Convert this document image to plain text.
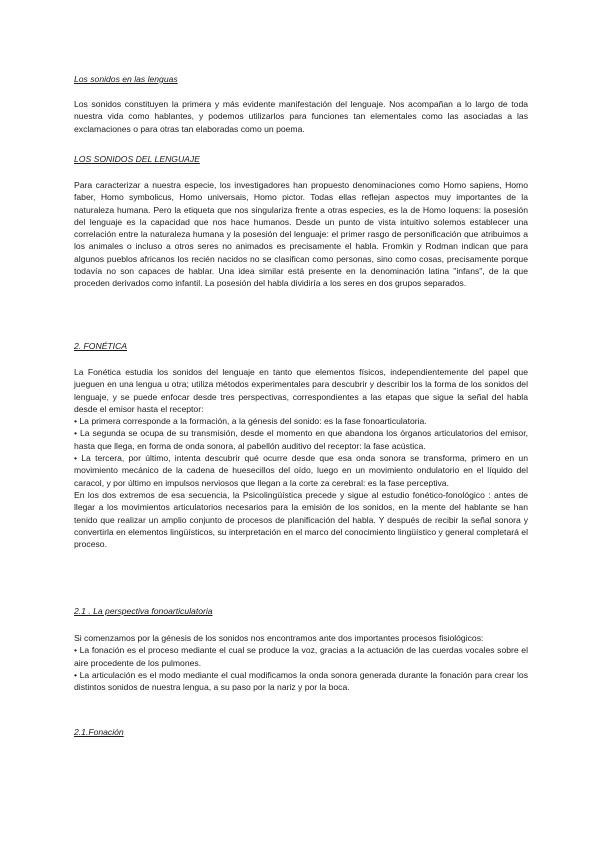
Los sonidos en las lenguas

Los sonidos constituyen la primera y más evidente manifestación del lenguaje. Nos acompañan a lo largo de toda nuestra vida como hablantes, y podemos utilizarlos para funciones tan elementales como las asociadas a las exclamaciones o para otras tan elaboradas como un poema.

LOS SONIDOS DEL LENGUAJE

Para caracterizar a nuestra especie, los investigadores han propuesto denominaciones como Homo sapiens, Homo faber, Homo symbolicus, Homo universais, Homo pictor. Todas ellas reflejan aspectos muy importantes de la naturaleza humana. Pero la etiqueta que nos singulariza frente a otras especies, es la de Homo loquens: la posesión del lenguaje es la capacidad que nos hace humanos. Desde un punto de vista intuitivo solemos establecer una correlación entre la naturaleza humana y la posesión del lenguaje: el primer rasgo de personificación que atribuimos a los animales o incluso a otros seres no animados es precisamente el habla. Fromkin y Rodman indican que para algunos pueblos africanos los recién nacidos no se clasifican como personas, sino como cosas, precisamente porque todavía no son capaces de hablar. Una idea similar está presente en la denominación latina "infans", de la que proceden derivados como infantil. La posesión del habla dividiría a los seres en dos grupos separados.

2. FONÉTICA

La Fonética estudia los sonidos del lenguaje en tanto que elementos físicos, independientemente del papel que jueguen en una lengua u otra; utiliza métodos experimentales para descubrir y describir los la forma de los sonidos del lenguaje, y se puede enfocar desde tres perspectivas, correspondientes a las etapas que sigue la señal del habla desde el emisor hasta el receptor:

• La primera corresponde a la formación, a la génesis del sonido: es la fase fonoarticulatoria.

• La segunda se ocupa de su transmisión, desde el momento en que abandona los órganos articulatorios del emisor, hasta que llega, en forma de onda sonora, al pabellón auditivo del receptor: la fase acústica.

• La tercera, por último, intenta descubrir qué ocurre desde que esa onda sonora se transforma, primero en un movimiento mecánico de la cadena de huesecillos del oído, luego en un movimiento ondulatorio en el líquido del caracol, y por último en impulsos nerviosos que llegan a la corte za cerebral: es la fase perceptiva.

En los dos extremos de esa secuencia, la Psicolingüística precede y sigue al estudio fonético-fonológico : antes de llegar a los movimientos articulatorios necesarios para la emisión de los sonidos, en la mente del hablante se han tenido que realizar un amplio conjunto de procesos de planificación del habla. Y después de recibir la señal sonora y convertirla en elementos lingüísticos, su interpretación en el marco del conocimiento lingüístico y general completará el proceso.

2.1 . La perspectiva fonoarticulatoria

Si comenzamos por la génesis de los sonidos nos encontramos ante dos importantes procesos fisiológicos:

• La fonación es el proceso mediante el cual se produce la voz, gracias a la actuación de las cuerdas vocales sobre el aire procedente de los pulmones.

• La articulación es el modo mediante el cual modificamos la onda sonora generada durante la fonación para crear los distintos sonidos de nuestra lengua, a su paso por la nariz y por la boca.

2.1.Fonación
